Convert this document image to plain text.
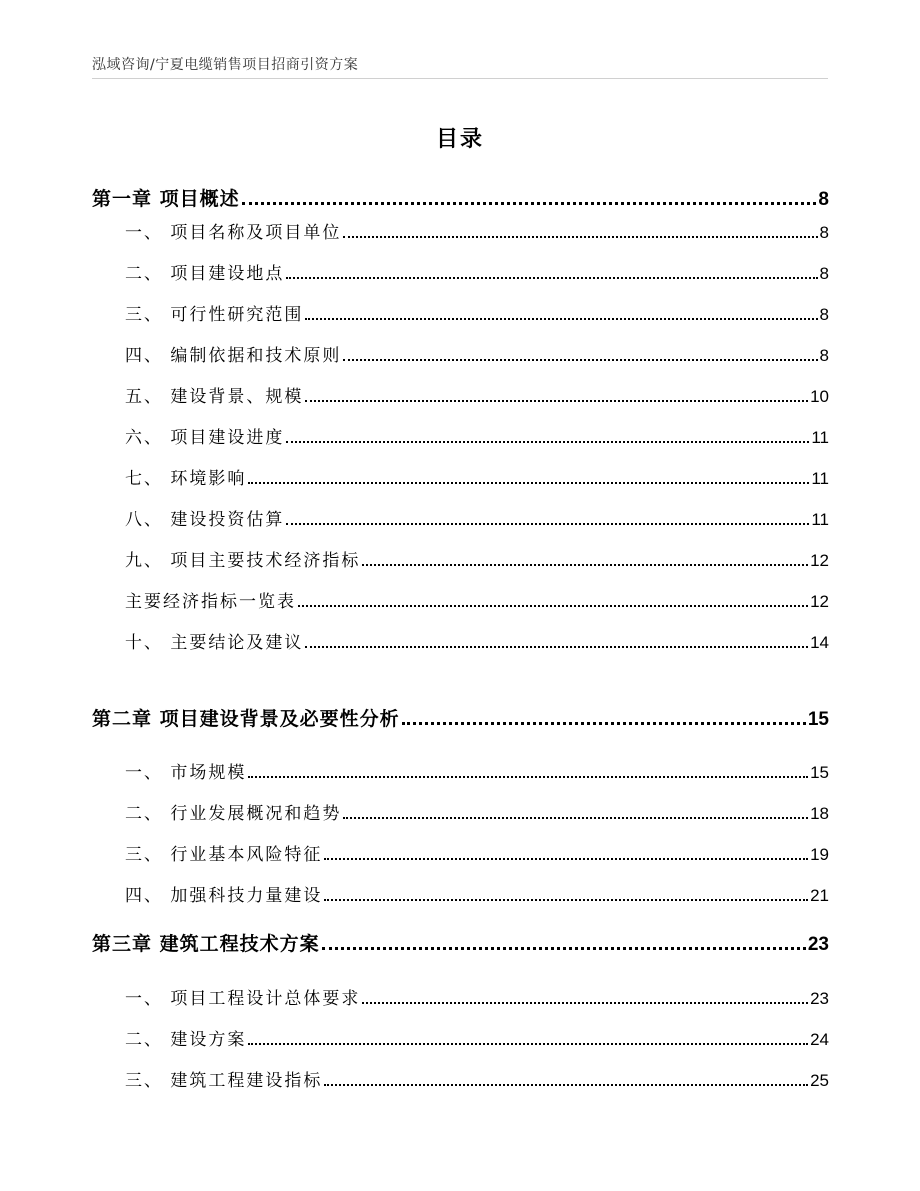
泓域咨询/宁夏电缆销售项目招商引资方案
目录
第一章 项目概述	8
一、 项目名称及项目单位	8
二、 项目建设地点	8
三、 可行性研究范围	8
四、 编制依据和技术原则	8
五、 建设背景、规模	10
六、 项目建设进度	11
七、 环境影响	11
八、 建设投资估算	11
九、 项目主要技术经济指标	12
主要经济指标一览表	12
十、 主要结论及建议	14
第二章 项目建设背景及必要性分析	15
一、 市场规模	15
二、 行业发展概况和趋势	18
三、 行业基本风险特征	19
四、 加强科技力量建设	21
第三章 建筑工程技术方案	23
一、 项目工程设计总体要求	23
二、 建设方案	24
三、 建筑工程建设指标	25
